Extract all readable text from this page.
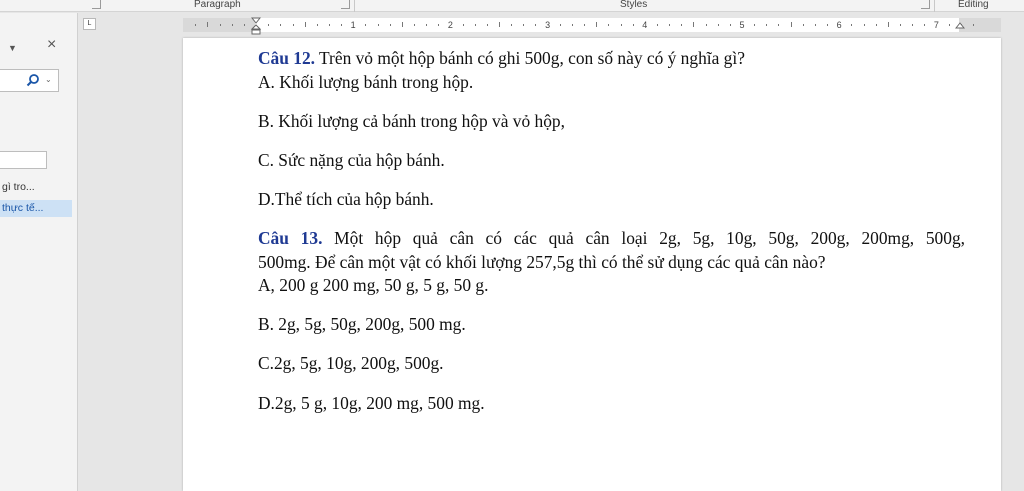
Paragraph	Styles	Editing
▼ ×
⌄
gì tro...
thực tế...
L	1	2	3	4	5	6	7

Câu 12. Trên vỏ một hộp bánh có ghi 500g, con số này có ý nghĩa gì?

A. Khối lượng bánh trong hộp.

B. Khối lượng cả bánh trong hộp và vỏ hộp,

C. Sức nặng của hộp bánh.

D.Thể tích của hộp bánh.

Câu 13. Một hộp quả cân có các quả cân loại 2g, 5g, 10g, 50g, 200g, 200mg, 500g,

500mg. Để cân một vật có khối lượng 257,5g thì có thể sử dụng các quả cân nào?

A, 200 g 200 mg, 50 g, 5 g, 50 g.

B. 2g, 5g, 50g, 200g, 500 mg.

C.2g, 5g, 10g, 200g, 500g.

D.2g, 5 g, 10g, 200 mg, 500 mg.
